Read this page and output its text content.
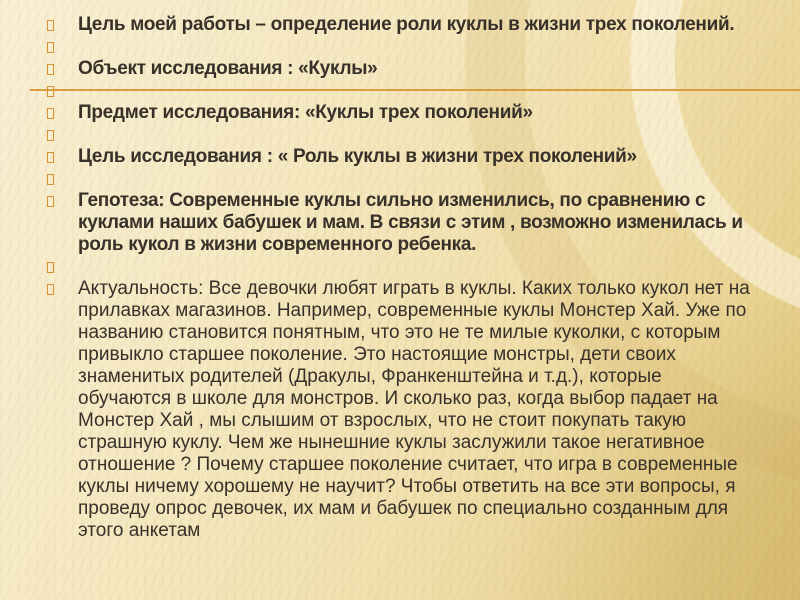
Цель моей работы – определение роли куклы в жизни трех поколений.
Объект исследования : «Куклы»
Предмет исследования: «Куклы трех поколений»
Цель исследования : « Роль куклы в жизни трех поколений»
Гепотеза: Современные куклы сильно изменились, по сравнению с куклами наших бабушек и мам. В связи с этим , возможно изменилась и роль кукол в жизни современного ребенка.
Актуальность: Все девочки любят играть в куклы. Каких только кукол нет на прилавках магазинов. Например, современные куклы Монстер Хай. Уже по названию становится понятным, что это не те милые куколки, с которым привыкло старшее поколение. Это настоящие монстры, дети своих знаменитых родителей (Дракулы, Франкенштейна и т.д.), которые обучаются в школе для монстров. И сколько раз, когда выбор падает на Монстер Хай , мы слышим от взрослых, что не стоит покупать такую страшную куклу. Чем же нынешние куклы заслужили такое негативное отношение ? Почему старшее поколение считает, что игра в современные куклы ничему хорошему не научит? Чтобы ответить на все эти вопросы, я проведу опрос девочек, их мам и бабушек по специально созданным для этого анкетам
